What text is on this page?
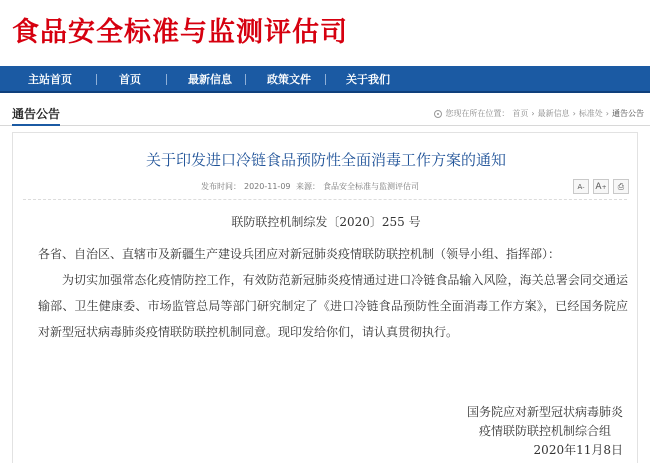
食品安全标准与监测评估司
主站首页	首页	最新信息	政策文件	关于我们
通告公告	您现在所在位置： 首页 › 最新信息 › 标准处 › 通告公告
关于印发进口冷链食品预防性全面消毒工作方案的通知
发布时间： 2020-11-09 来源： 食品安全标准与监测评估司	A-	A+	⎙
联防联控机制综发〔2020〕255 号
各省、自治区、直辖市及新疆生产建设兵团应对新冠肺炎疫情联防联控机制（领导小组、指挥部）：
为切实加强常态化疫情防控工作，有效防范新冠肺炎疫情通过进口冷链食品输入风险，海关总署会同交通运输部、卫生健康委、市场监管总局等部门研究制定了《进口冷链食品预防性全面消毒工作方案》，已经国务院应对新型冠状病毒肺炎疫情联防联控机制同意。现印发给你们，请认真贯彻执行。
国务院应对新型冠状病毒肺炎
疫情联防联控机制综合组
2020年11月8日
